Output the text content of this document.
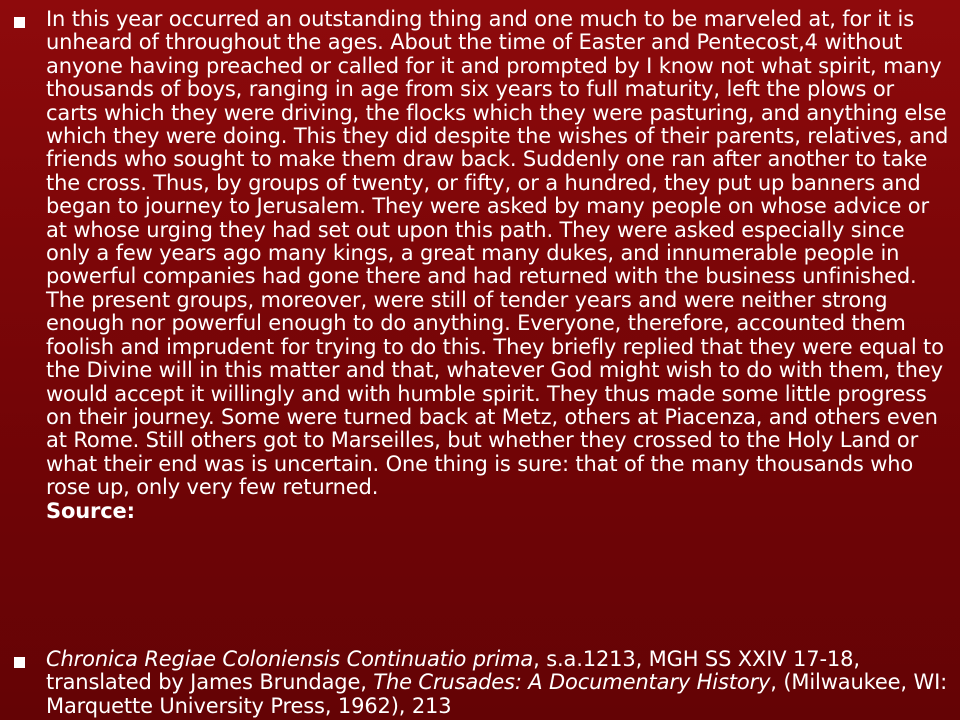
In this year occurred an outstanding thing and one much to be marveled at, for it is unheard of throughout the ages. About the time of Easter and Pentecost,4 without anyone having preached or called for it and prompted by I know not what spirit, many thousands of boys, ranging in age from six years to full maturity, left the plows or carts which they were driving, the flocks which they were pasturing, and anything else which they were doing. This they did despite the wishes of their parents, relatives, and friends who sought to make them draw back. Suddenly one ran after another to take the cross. Thus, by groups of twenty, or fifty, or a hundred, they put up banners and began to journey to Jerusalem. They were asked by many people on whose advice or at whose urging they had set out upon this path. They were asked especially since only a few years ago many kings, a great many dukes, and innumerable people in powerful companies had gone there and had returned with the business unfinished. The present groups, moreover, were still of tender years and were neither strong enough nor powerful enough to do anything. Everyone, therefore, accounted them foolish and imprudent for trying to do this. They briefly replied that they were equal to the Divine will in this matter and that, whatever God might wish to do with them, they would accept it willingly and with humble spirit. They thus made some little progress on their journey. Some were turned back at Metz, others at Piacenza, and others even at Rome. Still others got to Marseilles, but whether they crossed to the Holy Land or what their end was is uncertain. One thing is sure: that of the many thousands who rose up, only very few returned.
Source:
Chronica Regiae Coloniensis Continuatio prima, s.a.1213, MGH SS XXIV 17-18, translated by James Brundage, The Crusades: A Documentary History, (Milwaukee, WI: Marquette University Press, 1962), 213
